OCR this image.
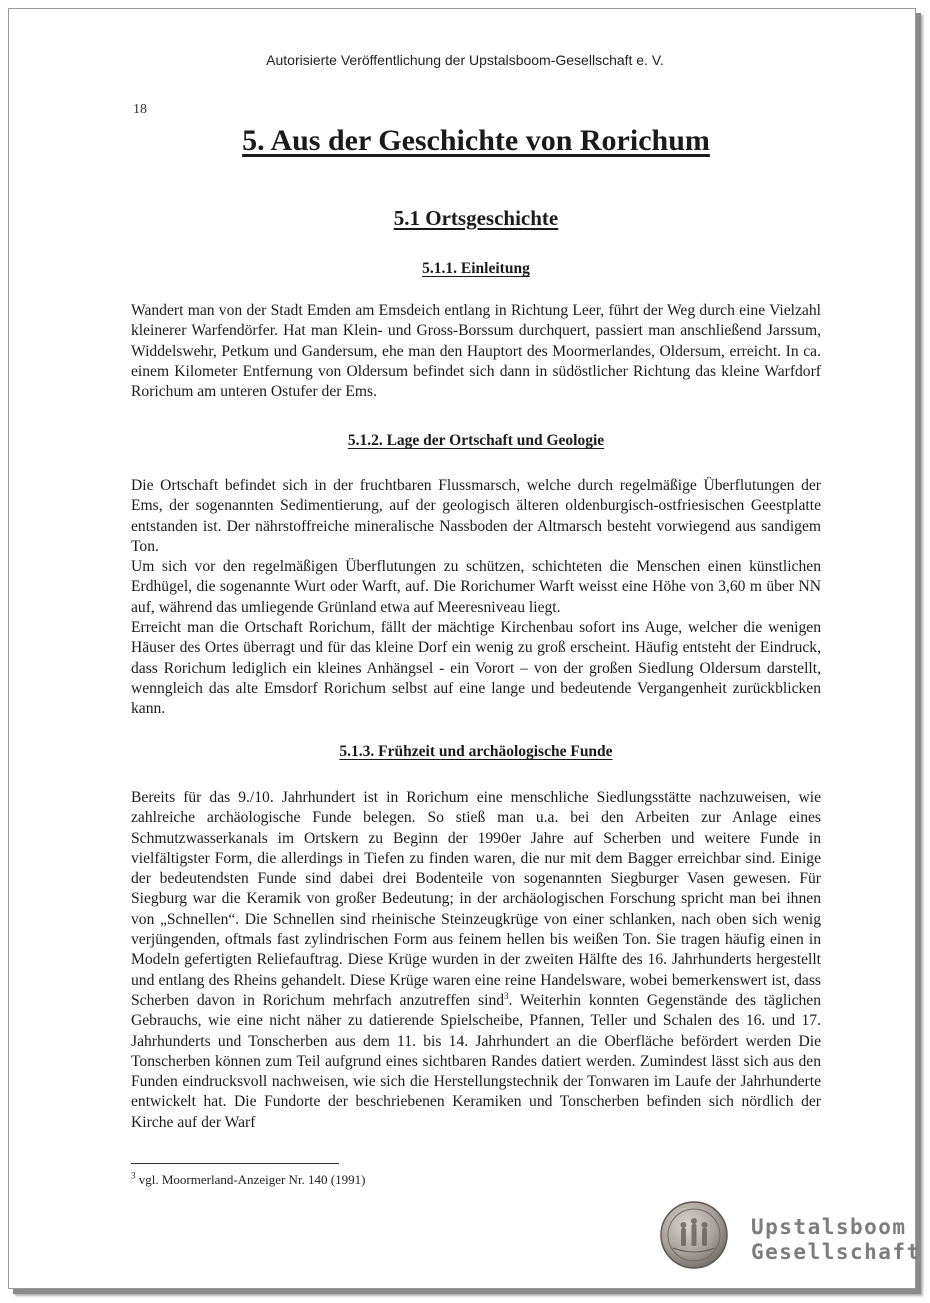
Autorisierte Veröffentlichung der Upstalsboom-Gesellschaft e. V.
18
5. Aus der Geschichte von Rorichum
5.1 Ortsgeschichte
5.1.1. Einleitung

Wandert man von der Stadt Emden am Emsdeich entlang in Richtung Leer, führt der Weg durch eine Vielzahl kleinerer Warfendörfer. Hat man Klein- und Gross-Borssum durchquert, passiert man anschließend Jarssum, Widdelswehr, Petkum und Gandersum, ehe man den Hauptort des Moormerlandes, Oldersum, erreicht. In ca. einem Kilometer Entfernung von Oldersum befindet sich dann in südöstlicher Richtung das kleine Warfdorf Rorichum am unteren Ostufer der Ems.

5.1.2. Lage der Ortschaft und Geologie

Die Ortschaft befindet sich in der fruchtbaren Flussmarsch, welche durch regelmäßige Überflutungen der Ems, der sogenannten Sedimentierung, auf der geologisch älteren oldenburgisch-ostfriesischen Geestplatte entstanden ist. Der nährstoffreiche mineralische Nassboden der Altmarsch besteht vorwiegend aus sandigem Ton.

Um sich vor den regelmäßigen Überflutungen zu schützen, schichteten die Menschen einen künstlichen Erdhügel, die sogenannte Wurt oder Warft, auf. Die Rorichumer Warft weisst eine Höhe von 3,60 m über NN auf, während das umliegende Grünland etwa auf Meeresniveau liegt.

Erreicht man die Ortschaft Rorichum, fällt der mächtige Kirchenbau sofort ins Auge, welcher die wenigen Häuser des Ortes überragt und für das kleine Dorf ein wenig zu groß erscheint. Häufig entsteht der Eindruck, dass Rorichum lediglich ein kleines Anhängsel - ein Vorort – von der großen Siedlung Oldersum darstellt, wenngleich das alte Emsdorf Rorichum selbst auf eine lange und bedeutende Vergangenheit zurückblicken kann.

5.1.3. Frühzeit und archäologische Funde

Bereits für das 9./10. Jahrhundert ist in Rorichum eine menschliche Siedlungsstätte nachzuweisen, wie zahlreiche archäologische Funde belegen. So stieß man u.a. bei den Arbeiten zur Anlage eines Schmutzwasserkanals im Ortskern zu Beginn der 1990er Jahre auf Scherben und weitere Funde in vielfältigster Form, die allerdings in Tiefen zu finden waren, die nur mit dem Bagger erreichbar sind. Einige der bedeutendsten Funde sind dabei drei Bodenteile von sogenannten Siegburger Vasen gewesen. Für Siegburg war die Keramik von großer Bedeutung; in der archäologischen Forschung spricht man bei ihnen von „Schnellen“. Die Schnellen sind rheinische Steinzeugkrüge von einer schlanken, nach oben sich wenig verjüngenden, oftmals fast zylindrischen Form aus feinem hellen bis weißen Ton. Sie tragen häufig einen in Modeln gefertigten Reliefauftrag. Diese Krüge wurden in der zweiten Hälfte des 16. Jahrhunderts hergestellt und entlang des Rheins gehandelt. Diese Krüge waren eine reine Handelsware, wobei bemerkenswert ist, dass Scherben davon in Rorichum mehrfach anzutreffen sind$^3$. Weiterhin konnten Gegenstände des täglichen Gebrauchs, wie eine nicht näher zu datierende Spielscheibe, Pfannen, Teller und Schalen des 16. und 17. Jahrhunderts und Tonscherben aus dem 11. bis 14. Jahrhundert an die Oberfläche befördert werden Die Tonscherben können zum Teil aufgrund eines sichtbaren Randes datiert werden. Zumindest lässt sich aus den Funden eindrucksvoll nachweisen, wie sich die Herstellungstechnik der Tonwaren im Laufe der Jahrhunderte entwickelt hat. Die Fundorte der beschriebenen Keramiken und Tonscherben befinden sich nördlich der Kirche auf der Warf

$^3$ vgl. Moormerland-Anzeiger Nr. 140 (1991)
Upstalsboom
Gesellschaft
